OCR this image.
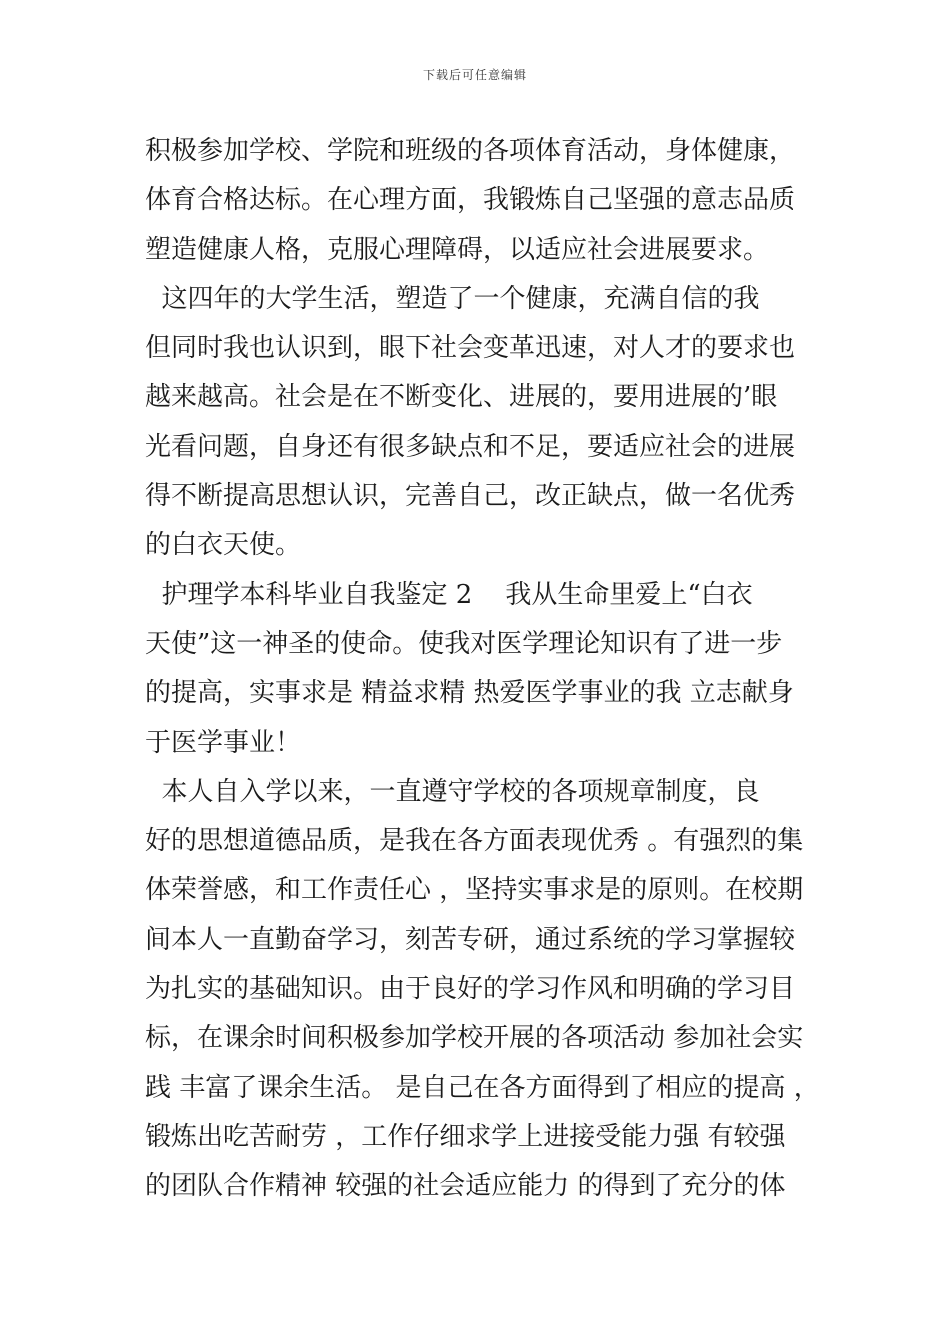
下载后可任意编辑
积极参加学校、学院和班级的各项体育活动，身体健康，
体育合格达标。在心理方面，我锻炼自己坚强的意志品质
塑造健康人格，克服心理障碍，以适应社会进展要求。
这四年的大学生活，塑造了一个健康，充满自信的我
但同时我也认识到，眼下社会变革迅速，对人才的要求也
越来越高。社会是在不断变化、进展的，要用进展的’眼
光看问题，自身还有很多缺点和不足，要适应社会的进展
得不断提高思想认识，完善自己，改正缺点，做一名优秀
的白衣天使。
护理学本科毕业自我鉴定 2    我从生命里爱上“白衣
天使”这一神圣的使命。使我对医学理论知识有了进一步
的提高，实事求是 精益求精 热爱医学事业的我 立志献身
于医学事业！
本人自入学以来，一直遵守学校的各项规章制度，良
好的思想道德品质，是我在各方面表现优秀 。有强烈的集
体荣誉感，和工作责任心 ，坚持实事求是的原则。在校期
间本人一直勤奋学习，刻苦专研，通过系统的学习掌握较
为扎实的基础知识。由于良好的学习作风和明确的学习目
标，在课余时间积极参加学校开展的各项活动 参加社会实
践 丰富了课余生活。 是自己在各方面得到了相应的提高 ，
锻炼出吃苦耐劳 ，工作仔细求学上进接受能力强 有较强
的团队合作精神 较强的社会适应能力 的得到了充分的体
